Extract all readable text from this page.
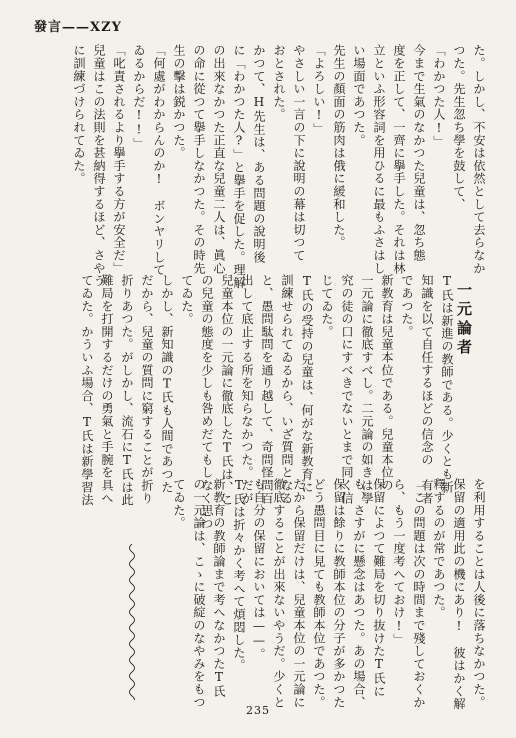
發言——XZY
た。しかし、不安は依然として去らなか
つた。先生忽ち學を鼓して、
「わかつた人!」
今まで生氣のなかつた兒童は、忽ち態
度を正して、一齊に擧手した。それは林
立といふ形容詞を用ひるに最もふさはし
い場面であつた。
先生の顏面の筋肉は俄に緩和した。
「よろしい!」
やさしい一言の下に說明の幕は切つて
おとされた。
かつて、H先生は、ある問題の說明後
に「わかつた人?」と擧手を促した。理解
の出來なかつた正直な兒童二人は、眞心
の命に從つて擧手しなかつた。その時先
生の擊は鋭かつた。
「何處がわからんのか!　ボンヤリして
ゐるからだ!!」
「叱責されるより擧手する方が安全だ」
兒童はこの法則を甚納得するほど、さやう
に訓練づけられてゐた。
一元論者
T氏は新進の教師である。少くとも新
知識を以て自任するほどの信念の　有者
であつた。
新教育は兒童本位である。兒童本位の
一元論に徹底すべし。二元論の如きは學
究の徒の口にすべきでないとまで同く信
じてゐた。
T氏の受持の兒童は、何がな新教育に
訓練せられてゐるから、いざ質問となる
と、愚問駄問を通り越して、奇問怪問百
出して底止する所を知らなかつた。だが
兒童本位の一元論に徹底したT氏は、こ
の兒童の態度を少しも咎めだてもしなく思つ
てゐた。
しかし、新知識のT氏も人間であつた
だから、兒童の質問に窮することが折り
折りあつた。がしかし、流石にT氏は此
難局を打開するだけの勇氣と手腕を具へ
てゐた。かういふ場合、T氏は新學習法
を利用することは人後に落ちなかつた。
保留の適用此の機にあり!　彼はかく解
釋するのが常であつた。
「この問題は次の時間まで殘しておくか
ら、もう一度考へておけ!」
保留によつて難局を切り抜けたT氏に
も、さすがに懸念はあつた。あの場合、
保留は餘りに教師本位の分子が多かつた
どう愚問目に見ても教師本位であつた。
だから保留だけは、兒童本位の一元論に
徹底することが出來ないやうだ。少くと
も自分の保留においては——。
T氏は折々かく考へて煩悶した。
新教育の教師論まで考へなかつたT氏
の一元論は、こゝに破綻のなやみをもつ
てゐた。
235
